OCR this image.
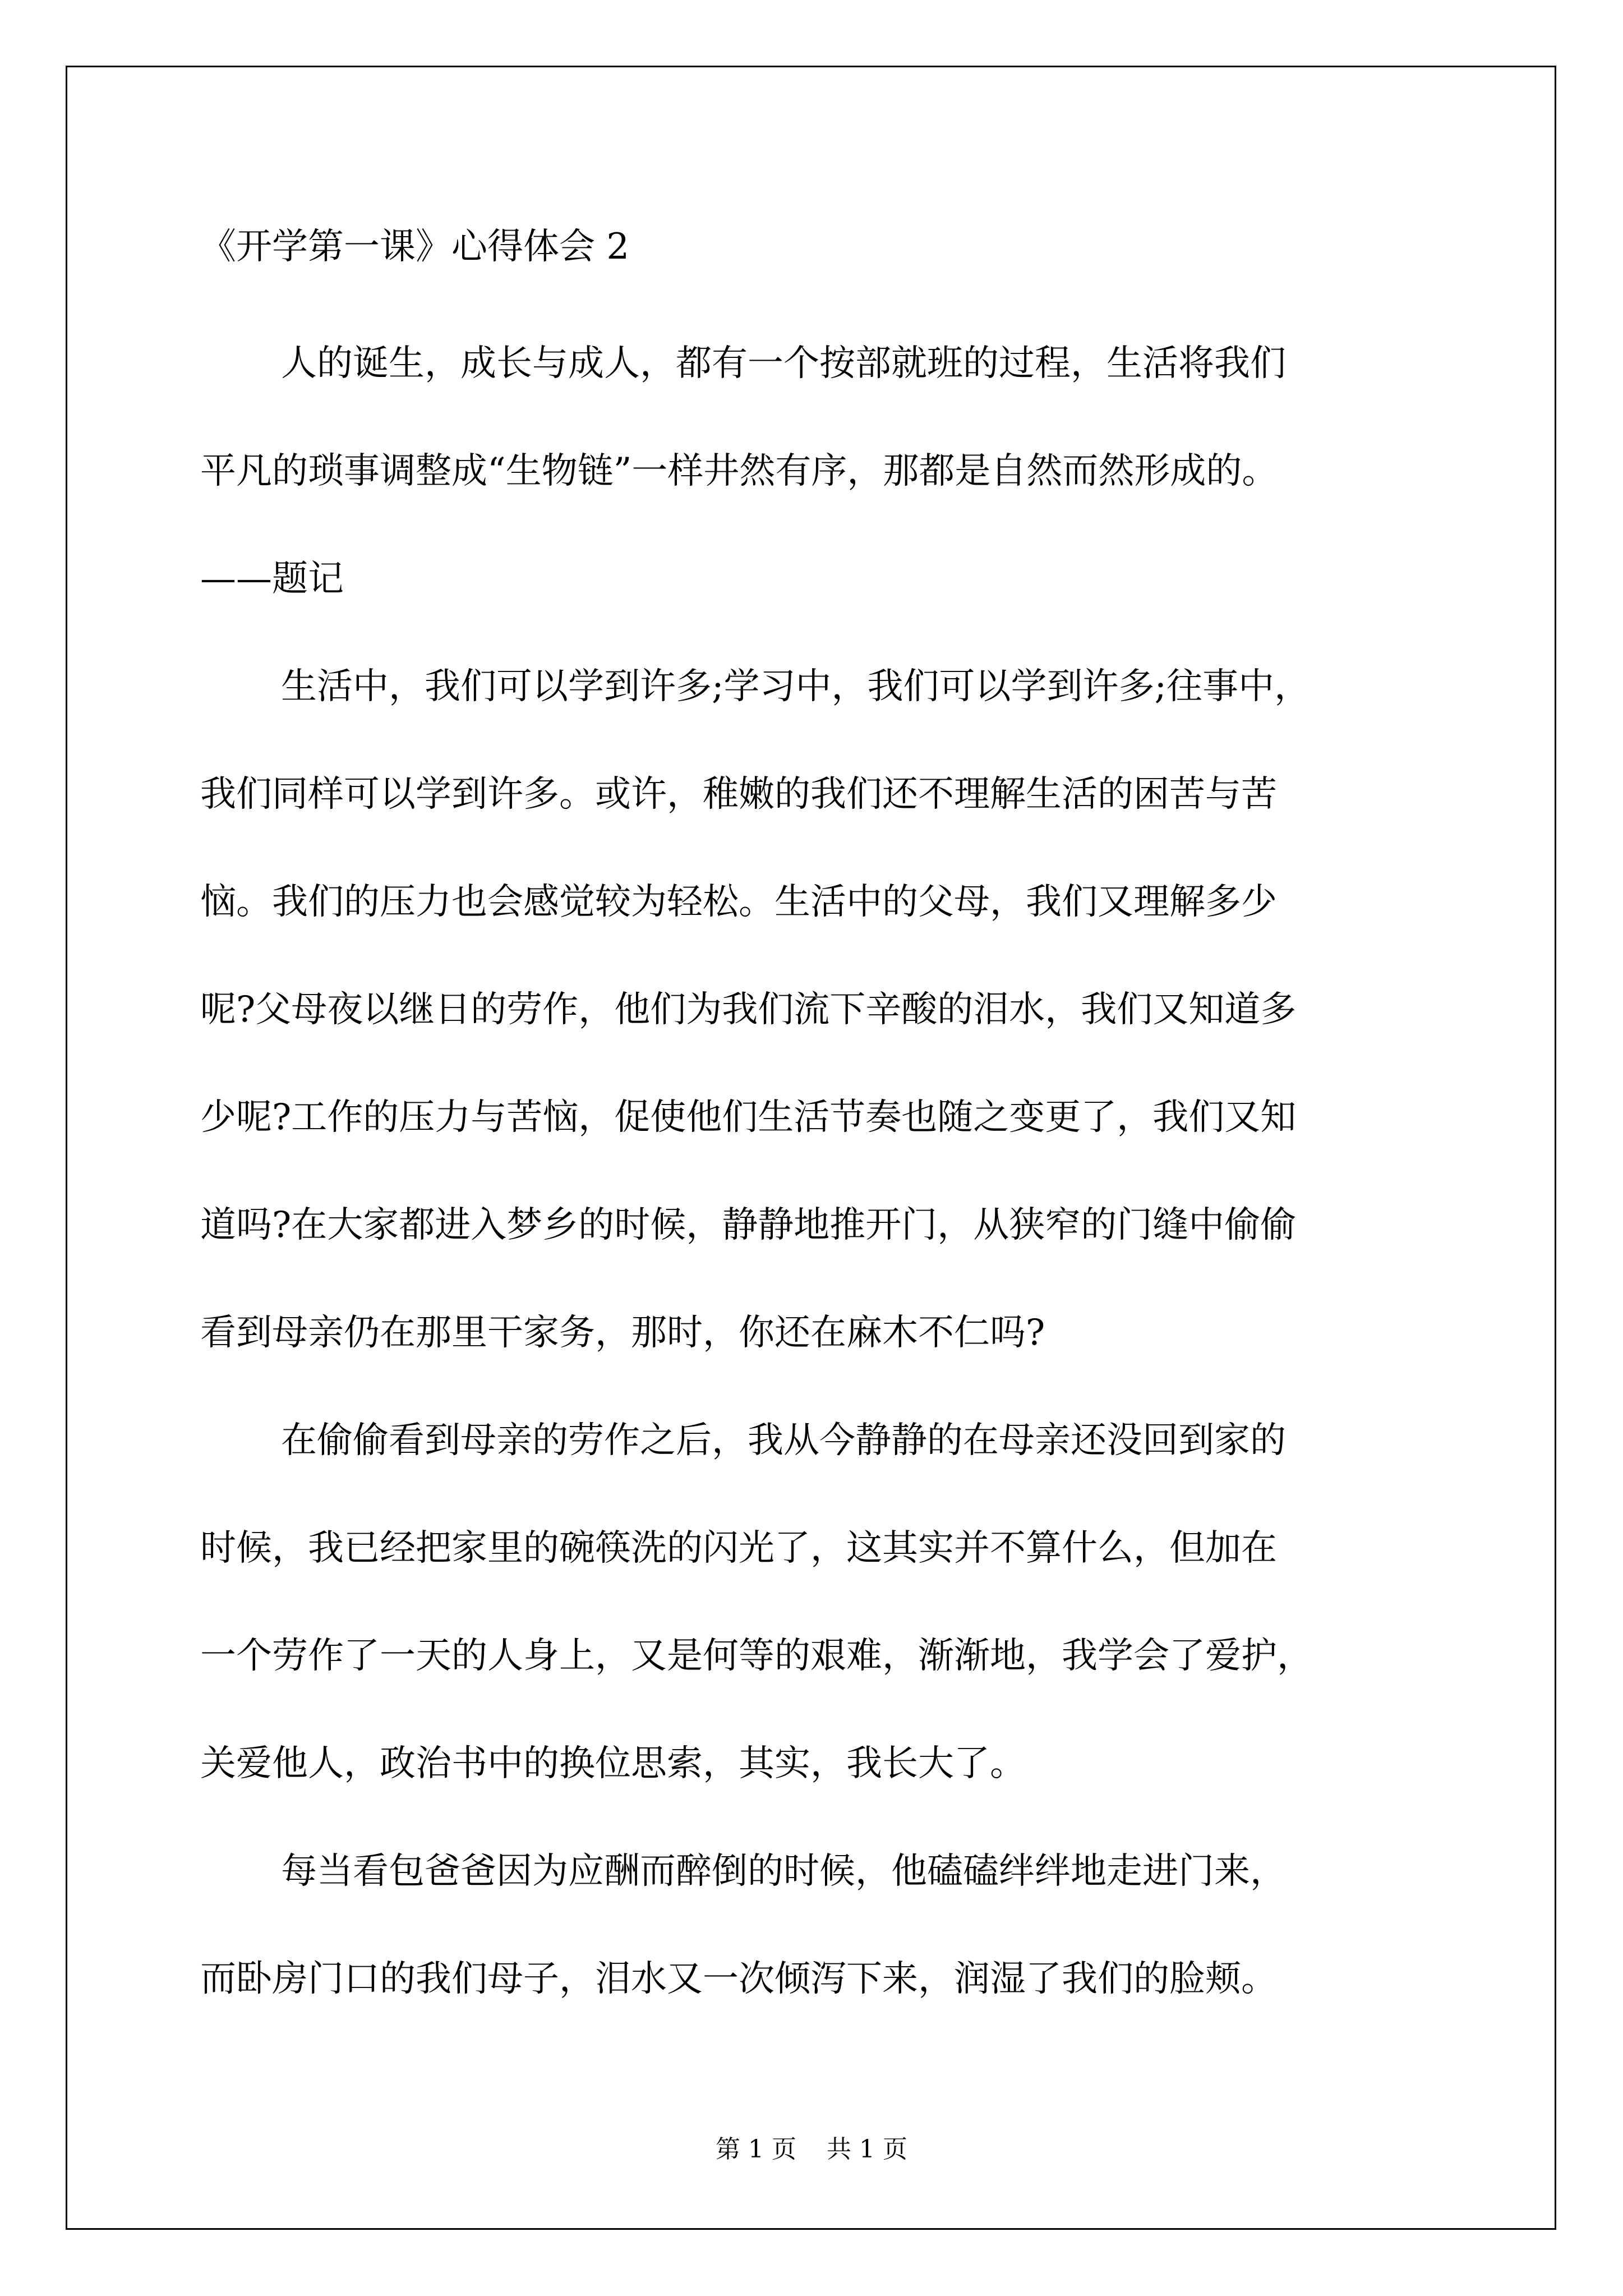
《开学第一课》心得体会 2
人的诞生，成长与成人，都有一个按部就班的过程，生活将我们
平凡的琐事调整成“生物链”一样井然有序，那都是自然而然形成的。
——题记
生活中，我们可以学到许多;学习中，我们可以学到许多;往事中，
我们同样可以学到许多。或许，稚嫩的我们还不理解生活的困苦与苦
恼。我们的压力也会感觉较为轻松。生活中的父母，我们又理解多少
呢?父母夜以继日的劳作，他们为我们流下辛酸的泪水，我们又知道多
少呢?工作的压力与苦恼，促使他们生活节奏也随之变更了，我们又知
道吗?在大家都进入梦乡的时候，静静地推开门，从狭窄的门缝中偷偷
看到母亲仍在那里干家务，那时，你还在麻木不仁吗?
在偷偷看到母亲的劳作之后，我从今静静的在母亲还没回到家的
时候，我已经把家里的碗筷洗的闪光了，这其实并不算什么，但加在
一个劳作了一天的人身上，又是何等的艰难，渐渐地，我学会了爱护，
关爱他人，政治书中的换位思索，其实，我长大了。
每当看包爸爸因为应酬而醉倒的时候，他磕磕绊绊地走进门来，
而卧房门口的我们母子，泪水又一次倾泻下来，润湿了我们的脸颊。
第 1 页 共 1 页
